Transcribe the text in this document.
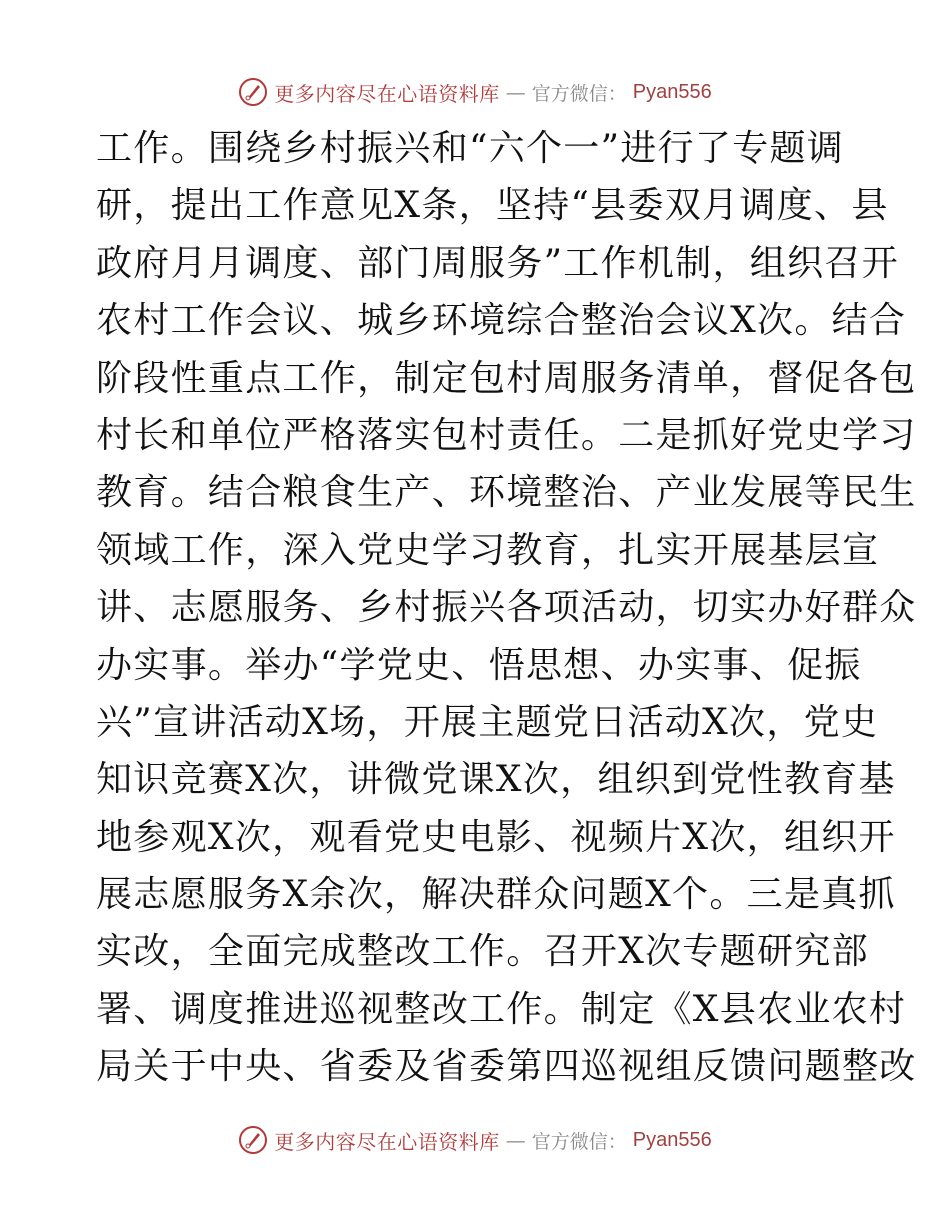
更多内容尽在心语资料库 — 官方微信： Pyan556
工作。围绕乡村振兴和“六个一”进行了专题调
研，提出工作意见X条，坚持“县委双月调度、县
政府月月调度、部门周服务”工作机制，组织召开
农村工作会议、城乡环境综合整治会议X次。结合
阶段性重点工作，制定包村周服务清单，督促各包
村长和单位严格落实包村责任。二是抓好党史学习
教育。结合粮食生产、环境整治、产业发展等民生
领域工作，深入党史学习教育，扎实开展基层宣
讲、志愿服务、乡村振兴各项活动，切实办好群众
办实事。举办“学党史、悟思想、办实事、促振
兴”宣讲活动X场，开展主题党日活动X次，党史
知识竞赛X次，讲微党课X次，组织到党性教育基
地参观X次，观看党史电影、视频片X次，组织开
展志愿服务X余次，解决群众问题X个。三是真抓
实改，全面完成整改工作。召开X次专题研究部
署、调度推进巡视整改工作。制定《X县农业农村
局关于中央、省委及省委第四巡视组反馈问题整改
更多内容尽在心语资料库 — 官方微信： Pyan556
